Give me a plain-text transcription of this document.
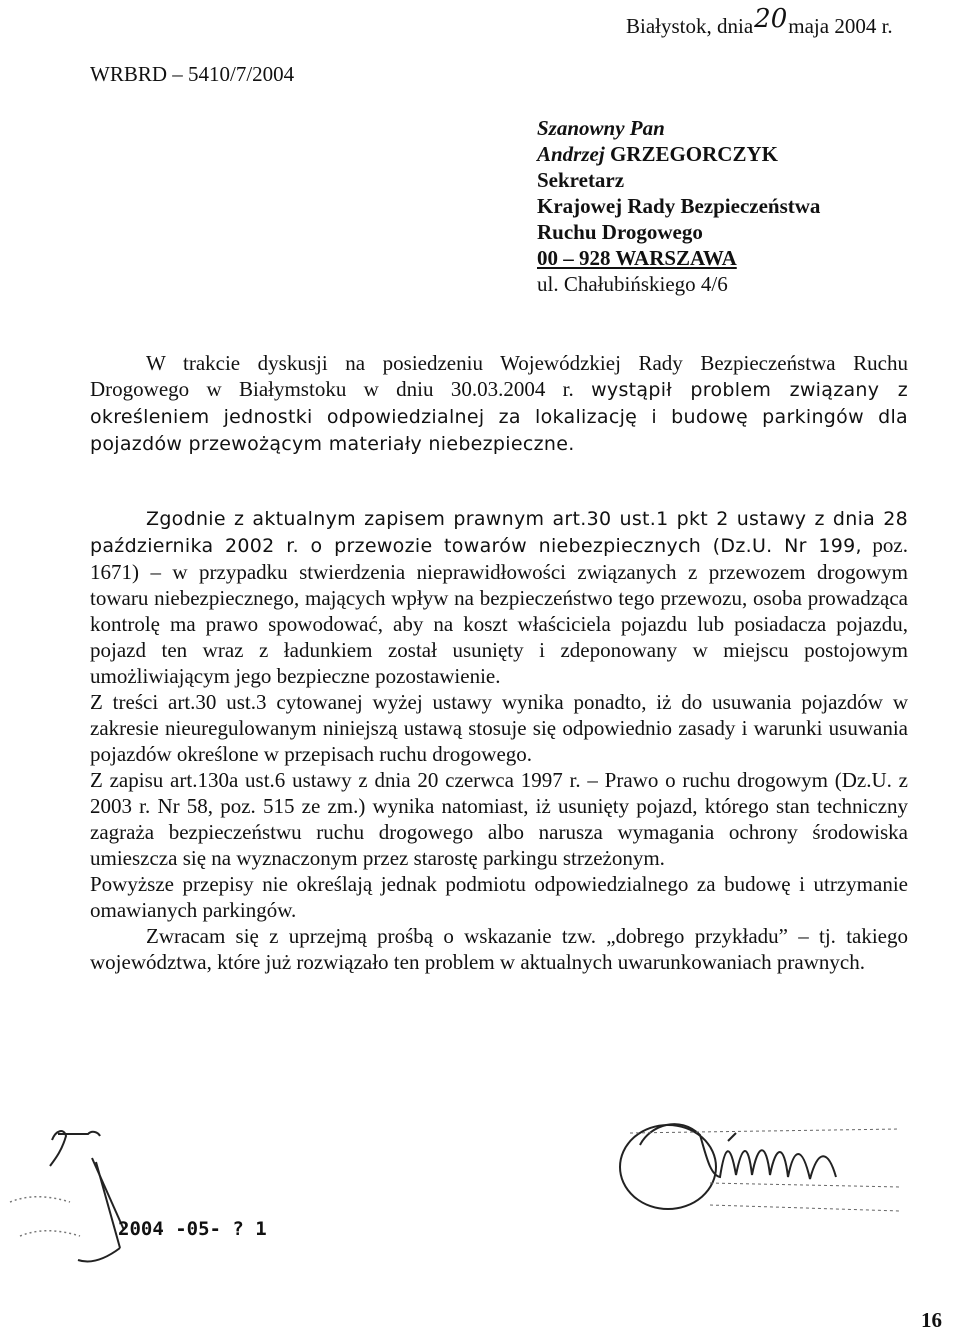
Białystok, dnia20maja 2004 r.
WRBRD – 5410/7/2004
Szanowny Pan
Andrzej GRZEGORCZYK
Sekretarz
Krajowej Rady Bezpieczeństwa
Ruchu Drogowego
00 – 928 WARSZAWA
ul. Chałubińskiego 4/6
W trakcie dyskusji na posiedzeniu Wojewódzkiej Rady Bezpieczeństwa Ruchu Drogowego w Białymstoku w dniu 30.03.2004 r. wystąpił problem związany z określeniem jednostki odpowiedzialnej za lokalizację i budowę parkingów dla pojazdów przewożącym materiały niebezpieczne.

Zgodnie z aktualnym zapisem prawnym art.30 ust.1 pkt 2 ustawy z dnia 28 października 2002 r. o przewozie towarów niebezpiecznych (Dz.U. Nr 199, poz. 1671) – w przypadku stwierdzenia nieprawidłowości związanych z przewozem drogowym towaru niebezpiecznego, mających wpływ na bezpieczeństwo tego przewozu, osoba prowadząca kontrolę ma prawo spowodować, aby na koszt właściciela pojazdu lub posiadacza pojazdu, pojazd ten wraz z ładunkiem został usunięty i zdeponowany w miejscu postojowym umożliwiającym jego bezpieczne pozostawienie.

Z treści art.30 ust.3 cytowanej wyżej ustawy wynika ponadto, iż do usuwania pojazdów w zakresie nieuregulowanym niniejszą ustawą stosuje się odpowiednio zasady i warunki usuwania pojazdów określone w przepisach ruchu drogowego.

Z zapisu art.130a ust.6 ustawy z dnia 20 czerwca 1997 r. – Prawo o ruchu drogowym (Dz.U. z 2003 r. Nr 58, poz. 515 ze zm.) wynika natomiast, iż usunięty pojazd, którego stan techniczny zagraża bezpieczeństwu ruchu drogowego albo narusza wymagania ochrony środowiska umieszcza się na wyznaczonym przez starostę parkingu strzeżonym.

Powyższe przepisy nie określają jednak podmiotu odpowiedzialnego za budowę i utrzymanie omawianych parkingów.

Zwracam się z uprzejmą prośbą o wskazanie tzw. „dobrego przykładu” – tj. takiego województwa, które już rozwiązało ten problem w aktualnych uwarunkowaniach prawnych.

2004 -05- ? 1
16
